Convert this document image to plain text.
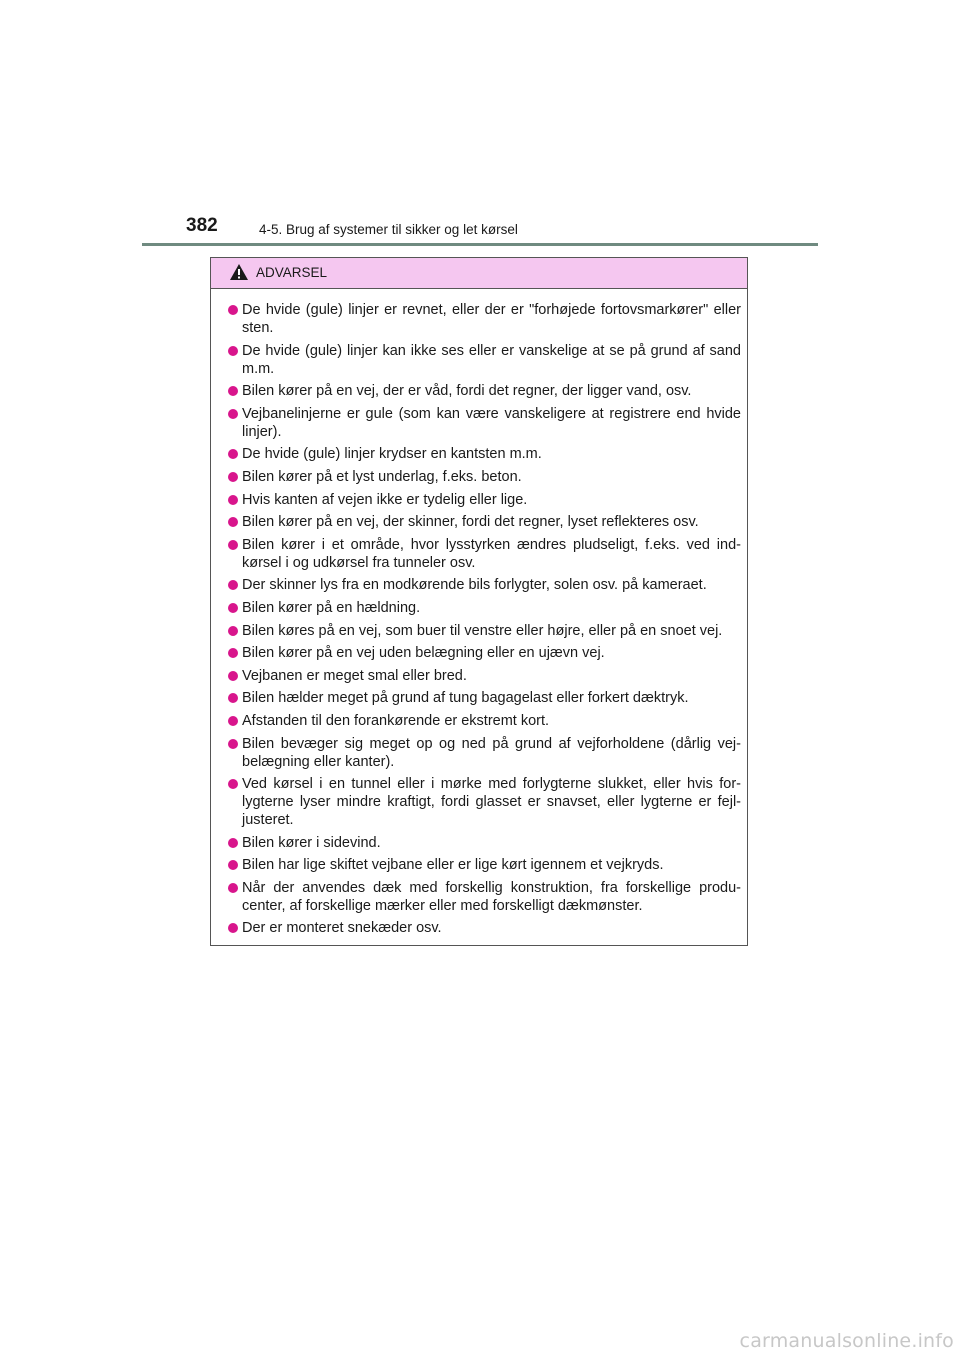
382	4-5. Brug af systemer til sikker og let kørsel
ADVARSEL
De hvide (gule) linjer er revnet, eller der er "forhøjede fortovsmarkører" eller sten.
De hvide (gule) linjer kan ikke ses eller er vanskelige at se på grund af sand m.m.
Bilen kører på en vej, der er våd, fordi det regner, der ligger vand, osv.
Vejbanelinjerne er gule (som kan være vanskeligere at registrere end hvide linjer).
De hvide (gule) linjer krydser en kantsten m.m.
Bilen kører på et lyst underlag, f.eks. beton.
Hvis kanten af vejen ikke er tydelig eller lige.
Bilen kører på en vej, der skinner, fordi det regner, lyset reflekteres osv.
Bilen kører i et område, hvor lysstyrken ændres pludseligt, f.eks. ved ind-kørsel i og udkørsel fra tunneler osv.
Der skinner lys fra en modkørende bils forlygter, solen osv. på kameraet.
Bilen kører på en hældning.
Bilen køres på en vej, som buer til venstre eller højre, eller på en snoet vej.
Bilen kører på en vej uden belægning eller en ujævn vej.
Vejbanen er meget smal eller bred.
Bilen hælder meget på grund af tung bagagelast eller forkert dæktryk.
Afstanden til den forankørende er ekstremt kort.
Bilen bevæger sig meget op og ned på grund af vejforholdene (dårlig vej-belægning eller kanter).
Ved kørsel i en tunnel eller i mørke med forlygterne slukket, eller hvis for-lygterne lyser mindre kraftigt, fordi glasset er snavset, eller lygterne er fejl-justeret.
Bilen kører i sidevind.
Bilen har lige skiftet vejbane eller er lige kørt igennem et vejkryds.
Når der anvendes dæk med forskellig konstruktion, fra forskellige produ-center, af forskellige mærker eller med forskelligt dækmønster.
Der er monteret snekæder osv.
carmanualsonline.info
